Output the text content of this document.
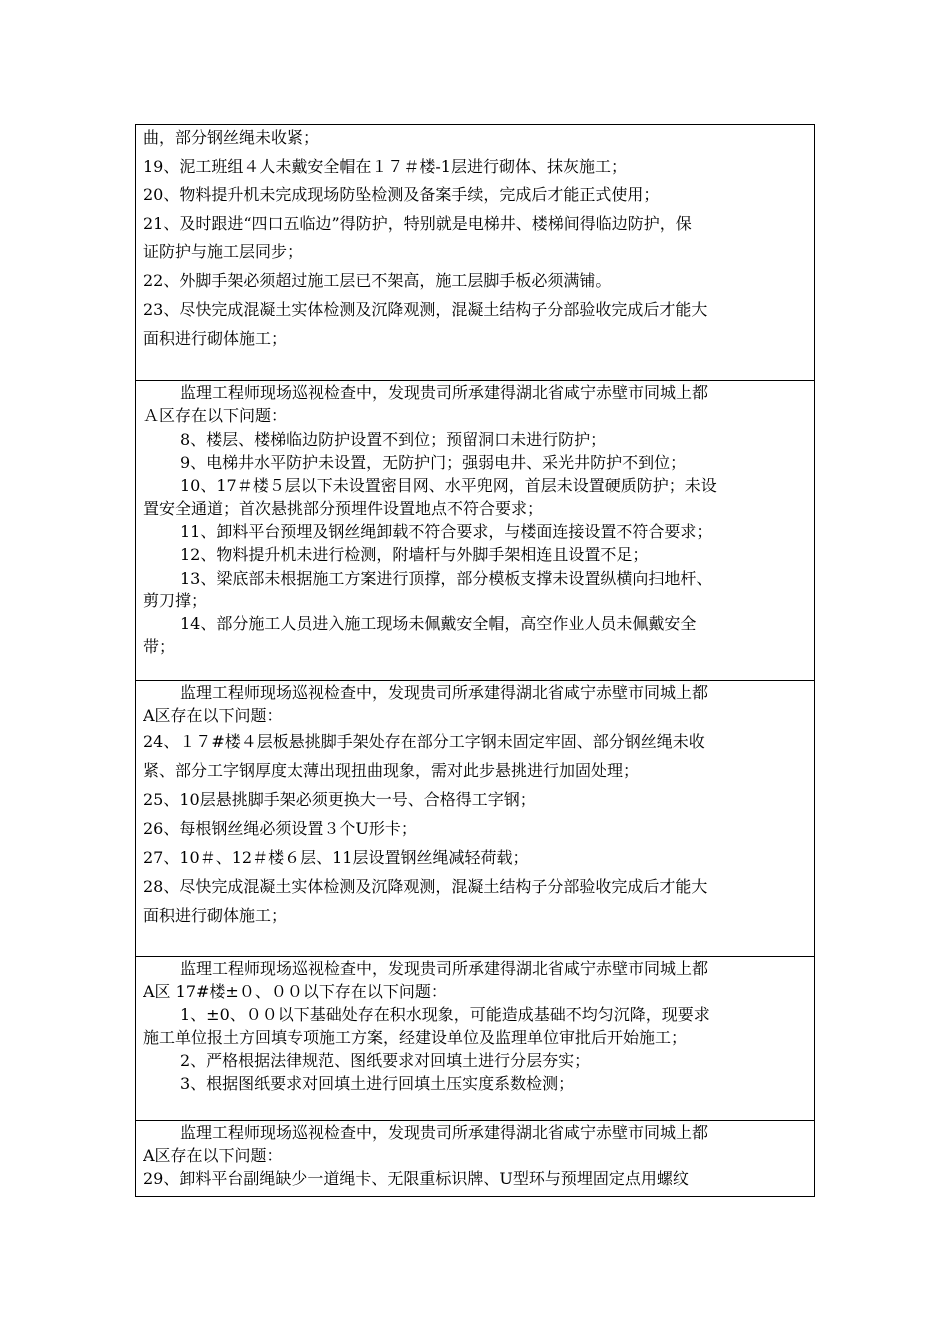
曲，部分钢丝绳未收紧；
19、泥工班组４人未戴安全帽在１７＃楼-1层进行砌体、抹灰施工；
20、物料提升机未完成现场防坠检测及备案手续，完成后才能正式使用；
21、及时跟进“四口五临边”得防护，特别就是电梯井、楼梯间得临边防护，保
证防护与施工层同步；
22、外脚手架必须超过施工层已不架高，施工层脚手板必须满铺。
23、尽快完成混凝土实体检测及沉降观测，混凝土结构子分部验收完成后才能大
面积进行砌体施工；
监理工程师现场巡视检查中，发现贵司所承建得湖北省咸宁赤壁市同城上都
Ａ区存在以下问题：
8、楼层、楼梯临边防护设置不到位；预留洞口未进行防护；
9、电梯井水平防护未设置，无防护门；强弱电井、采光井防护不到位；
10、17＃楼５层以下未设置密目网、水平兜网，首层未设置硬质防护；未设
置安全通道；首次悬挑部分预埋件设置地点不符合要求；
11、卸料平台预埋及钢丝绳卸载不符合要求，与楼面连接设置不符合要求；
12、物料提升机未进行检测，附墙杆与外脚手架相连且设置不足；
13、梁底部未根据施工方案进行顶撑，部分模板支撑未设置纵横向扫地杆、
剪刀撑；
14、部分施工人员进入施工现场未佩戴安全帽，高空作业人员未佩戴安全
带；
监理工程师现场巡视检查中，发现贵司所承建得湖北省咸宁赤壁市同城上都
A区存在以下问题：
24、１７#楼４层板悬挑脚手架处存在部分工字钢未固定牢固、部分钢丝绳未收
紧、部分工字钢厚度太薄出现扭曲现象，需对此步悬挑进行加固处理；
25、10层悬挑脚手架必须更换大一号、合格得工字钢；
26、每根钢丝绳必须设置３个U形卡；
27、10＃、12＃楼６层、11层设置钢丝绳减轻荷载；
28、尽快完成混凝土实体检测及沉降观测，混凝土结构子分部验收完成后才能大
面积进行砌体施工；
监理工程师现场巡视检查中，发现贵司所承建得湖北省咸宁赤壁市同城上都
A区 17#楼±０、００以下存在以下问题：
1、±0、００以下基础处存在积水现象，可能造成基础不均匀沉降，现要求
施工单位报土方回填专项施工方案，经建设单位及监理单位审批后开始施工；
2、严格根据法律规范、图纸要求对回填土进行分层夯实；
3、根据图纸要求对回填土进行回填土压实度系数检测；
监理工程师现场巡视检查中，发现贵司所承建得湖北省咸宁赤壁市同城上都
A区存在以下问题：
29、卸料平台副绳缺少一道绳卡、无限重标识牌、U型环与预埋固定点用螺纹
